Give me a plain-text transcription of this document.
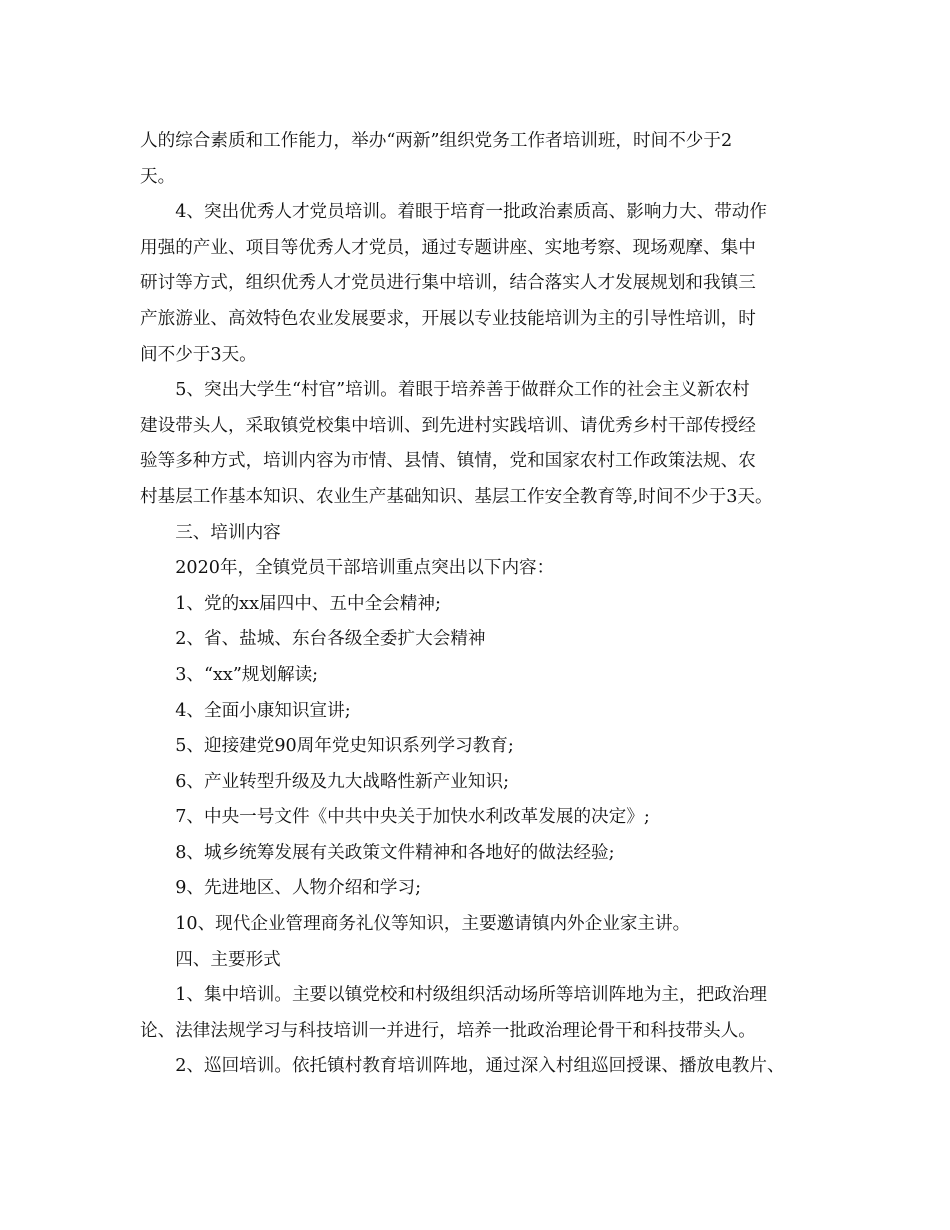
人的综合素质和工作能力，举办“两新”组织党务工作者培训班，时间不少于2
天。
4、突出优秀人才党员培训。着眼于培育一批政治素质高、影响力大、带动作
用强的产业、项目等优秀人才党员，通过专题讲座、实地考察、现场观摩、集中
研讨等方式，组织优秀人才党员进行集中培训，结合落实人才发展规划和我镇三
产旅游业、高效特色农业发展要求，开展以专业技能培训为主的引导性培训，时
间不少于3天。
5、突出大学生“村官”培训。着眼于培养善于做群众工作的社会主义新农村
建设带头人，采取镇党校集中培训、到先进村实践培训、请优秀乡村干部传授经
验等多种方式，培训内容为市情、县情、镇情，党和国家农村工作政策法规、农
村基层工作基本知识、农业生产基础知识、基层工作安全教育等,时间不少于3天。
三、培训内容
2020年，全镇党员干部培训重点突出以下内容：
1、党的xx届四中、五中全会精神;
2、省、盐城、东台各级全委扩大会精神
3、“xx”规划解读;
4、全面小康知识宣讲;
5、迎接建党90周年党史知识系列学习教育;
6、产业转型升级及九大战略性新产业知识;
7、中央一号文件《中共中央关于加快水利改革发展的决定》;
8、城乡统筹发展有关政策文件精神和各地好的做法经验;
9、先进地区、人物介绍和学习;
10、现代企业管理商务礼仪等知识，主要邀请镇内外企业家主讲。
四、主要形式
1、集中培训。主要以镇党校和村级组织活动场所等培训阵地为主，把政治理
论、法律法规学习与科技培训一并进行，培养一批政治理论骨干和科技带头人。
2、巡回培训。依托镇村教育培训阵地，通过深入村组巡回授课、播放电教片、
